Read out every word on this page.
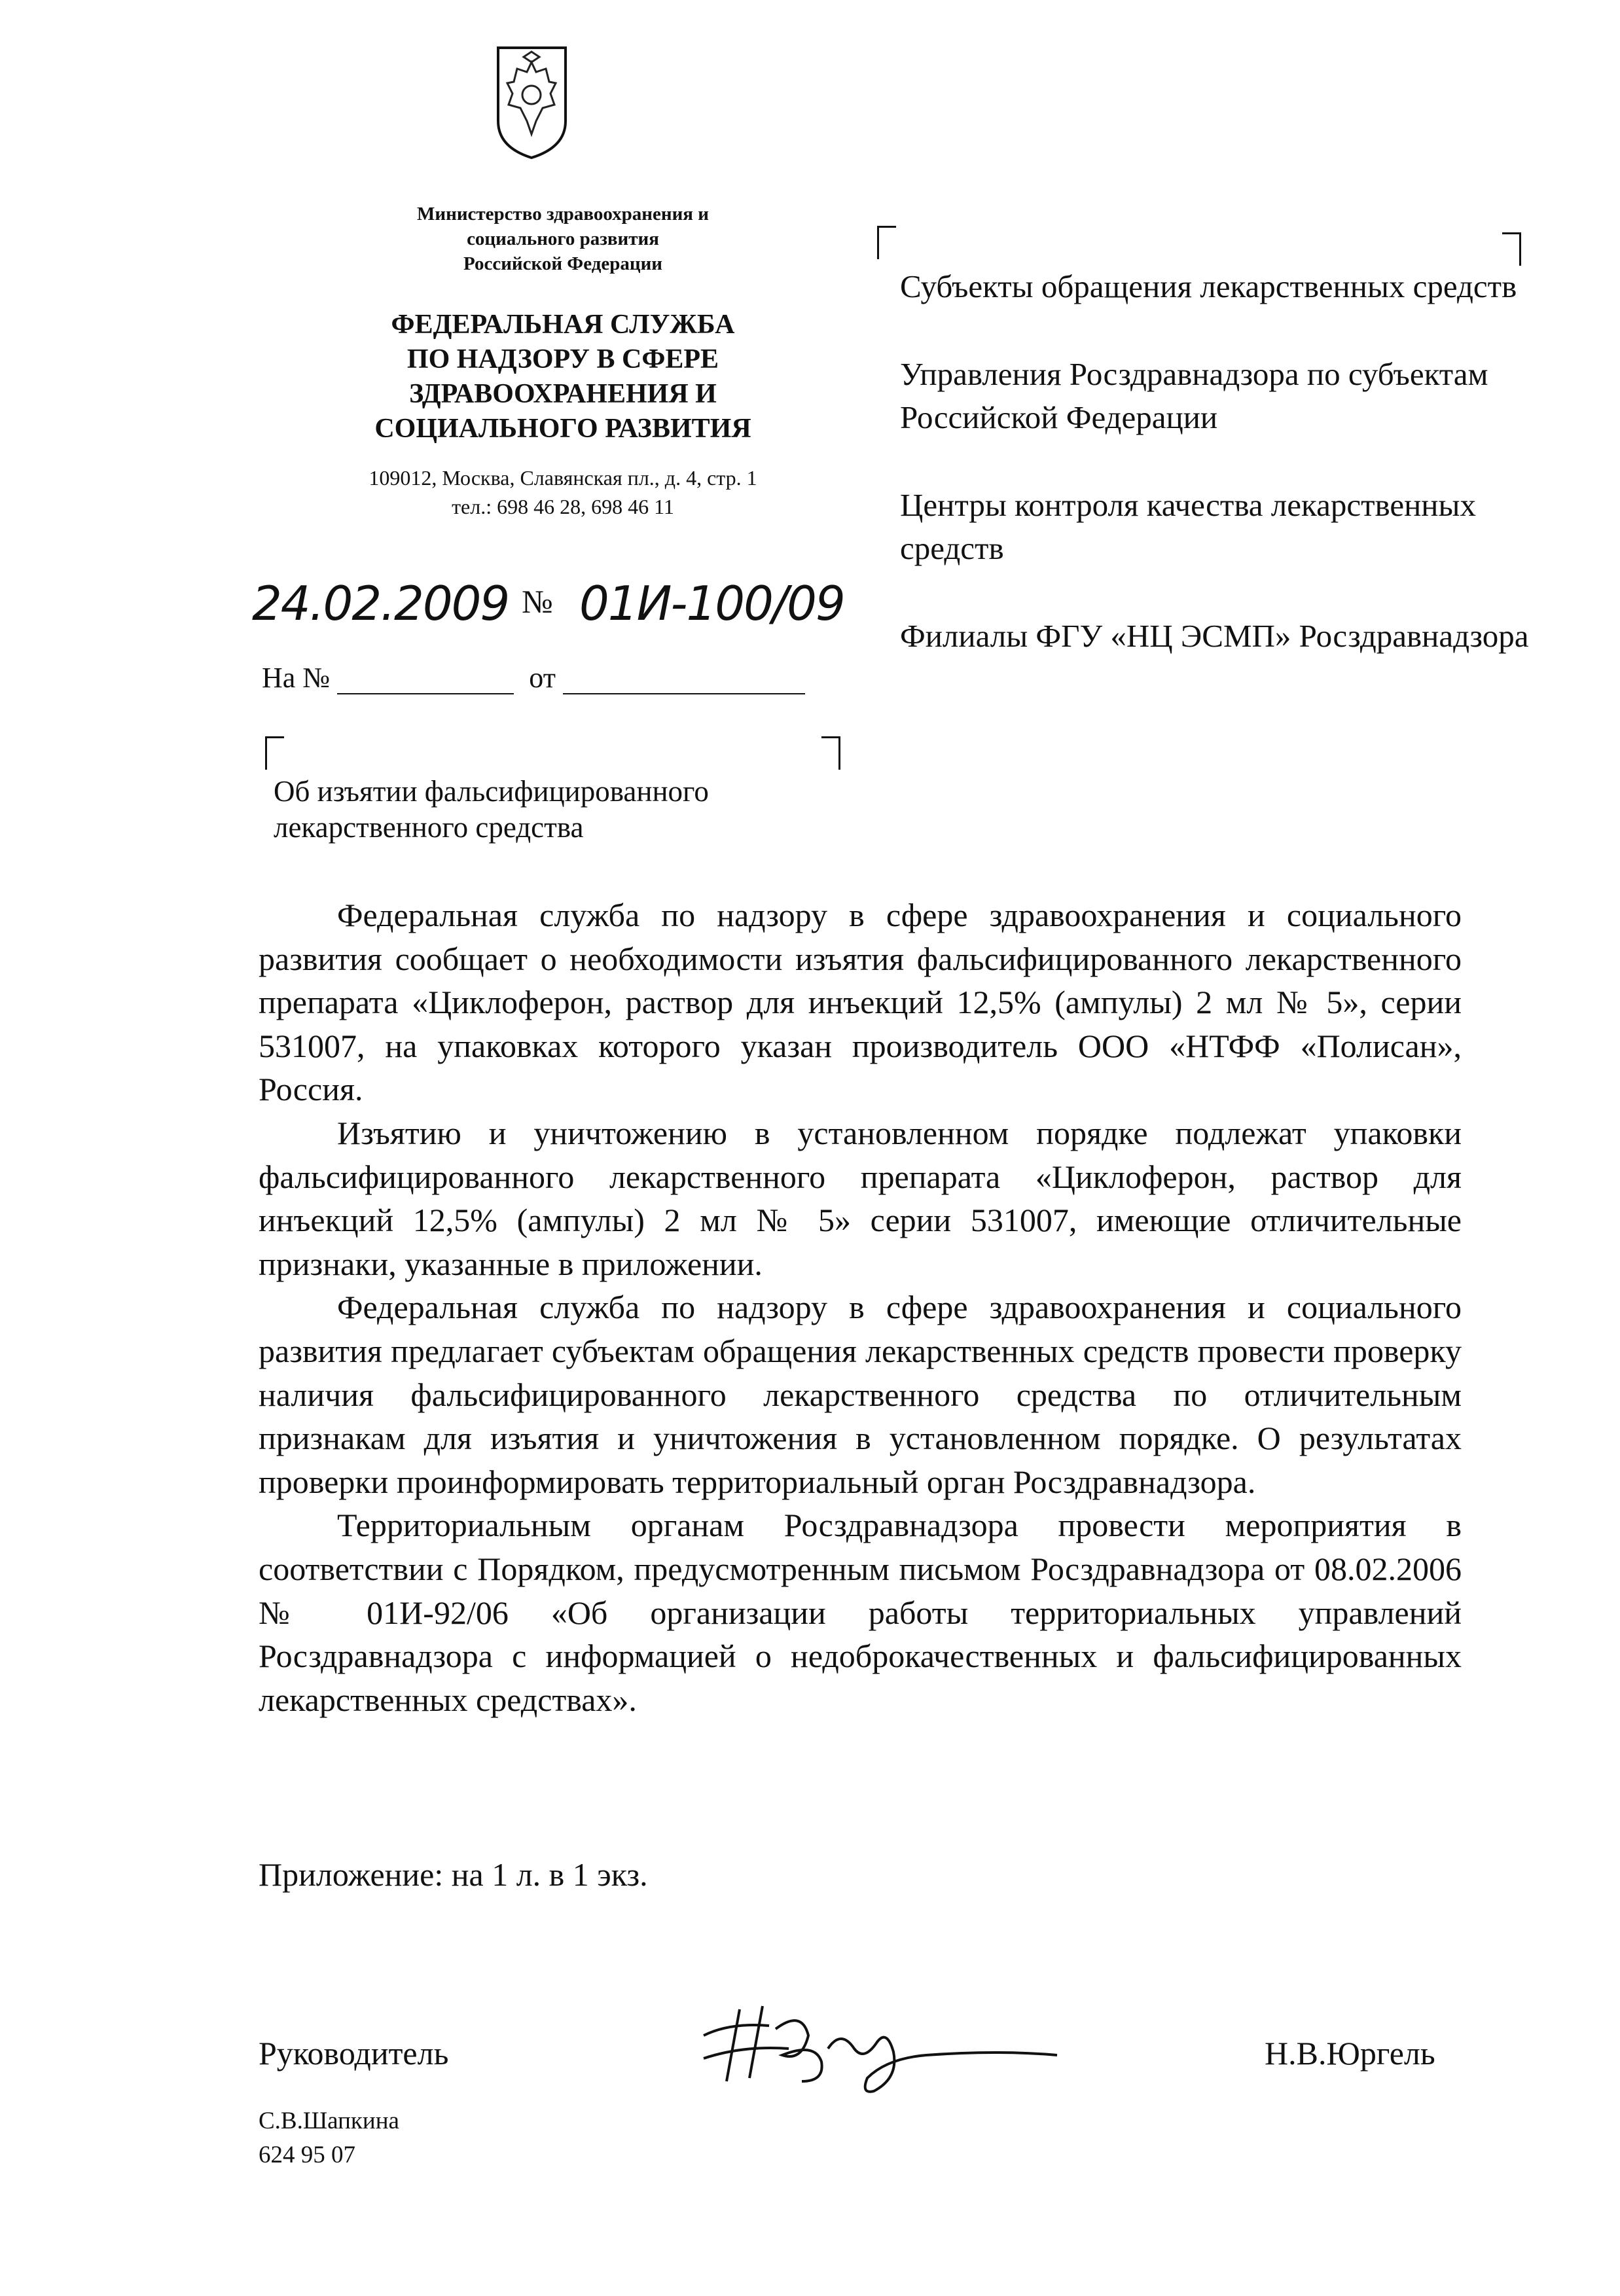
Министерство здравоохранения и
социального развития
Российской Федерации
ФЕДЕРАЛЬНАЯ СЛУЖБА
ПО НАДЗОРУ В СФЕРЕ
ЗДРАВООХРАНЕНИЯ И
СОЦИАЛЬНОГО РАЗВИТИЯ
109012, Москва, Славянская пл., д. 4, стр. 1
тел.: 698 46 28, 698 46 11
24.02.2009 № 01И-100/09
На №	от
Об изъятии фальсифицированного
лекарственного средства

Субъекты обращения лекарственных средств

Управления Росздравнадзора по субъектам Российской Федерации

Центры контроля качества лекарственных средств

Филиалы ФГУ «НЦ ЭСМП» Росздравнадзора

Федеральная служба по надзору в сфере здравоохранения и социального развития сообщает о необходимости изъятия фальсифицированного лекарственного препарата «Циклоферон, раствор для инъекций 12,5% (ампулы) 2 мл № 5», серии 531007, на упаковках которого указан производитель ООО «НТФФ «Полисан», Россия.

Изъятию и уничтожению в установленном порядке подлежат упаковки фальсифицированного лекарственного препарата «Циклоферон, раствор для инъекций 12,5% (ампулы) 2 мл № 5» серии 531007, имеющие отличительные признаки, указанные в приложении.

Федеральная служба по надзору в сфере здравоохранения и социального развития предлагает субъектам обращения лекарственных средств провести проверку наличия фальсифицированного лекарственного средства по отличительным признакам для изъятия и уничтожения в установленном порядке. О результатах проверки проинформировать территориальный орган Росздравнадзора.

Территориальным органам Росздравнадзора провести мероприятия в соответствии с Порядком, предусмотренным письмом Росздравнадзора от 08.02.2006 № 01И-92/06 «Об организации работы территориальных управлений Росздравнадзора с информацией о недоброкачественных и фальсифицированных лекарственных средствах».

Приложение: на 1 л. в 1 экз.
Руководитель	Н.В.Юргель
С.В.Шапкина
624 95 07
